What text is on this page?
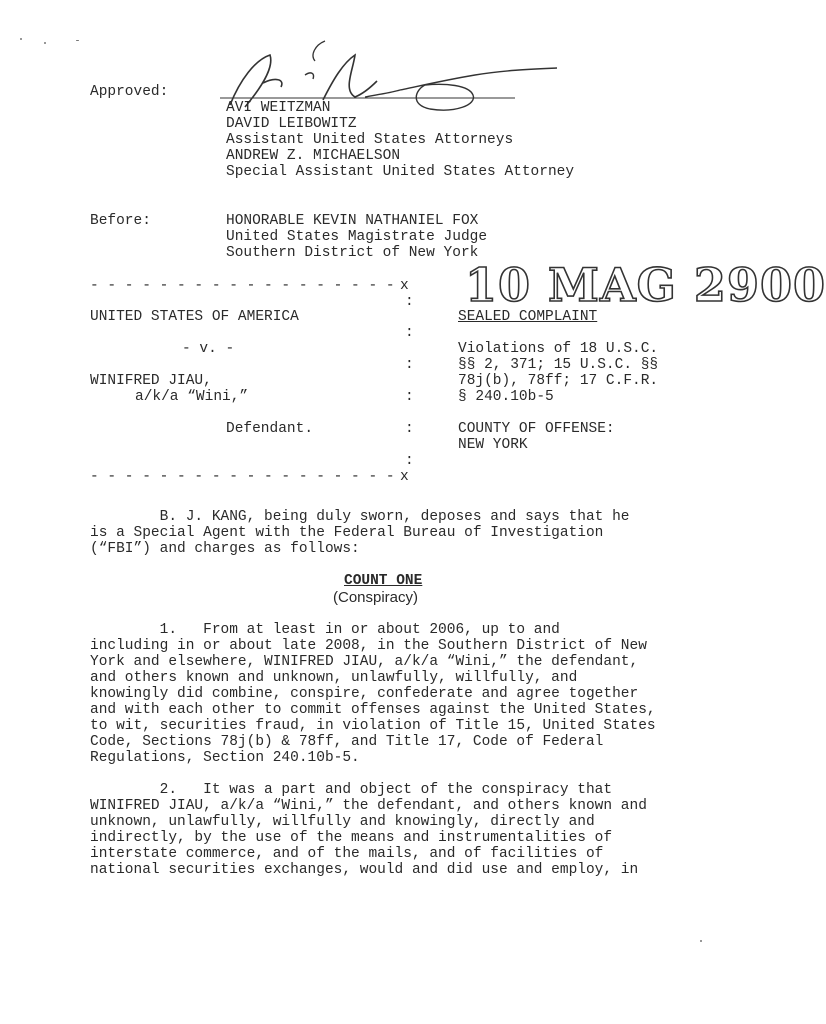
Approved:
AVI WEITZMAN
DAVID LEIBOWITZ
Assistant United States Attorneys
ANDREW Z. MICHAELSON
Special Assistant United States Attorney
Before:	HONORABLE KEVIN NATHANIEL FOX
United States Magistrate Judge
Southern District of New York
10 MAG 2900
- - - - - - - - - - - - - - - - - - x
:
UNITED STATES OF AMERICA	SEALED COMPLAINT
:
- v. -	Violations of 18 U.S.C.
:	§§ 2, 371; 15 U.S.C. §§
WINIFRED JIAU,	78j(b), 78ff; 17 C.F.R.
a/k/a “Wini,”	:	§ 240.10b-5
Defendant.	:	COUNTY OF OFFENSE:
NEW YORK
:
- - - - - - - - - - - - - - - - - - x
B. J. KANG, being duly sworn, deposes and says that he
is a Special Agent with the Federal Bureau of Investigation
(“FBI”) and charges as follows:
COUNT ONE
(Conspiracy)
1.   From at least in or about 2006, up to and
including in or about late 2008, in the Southern District of New
York and elsewhere, WINIFRED JIAU, a/k/a “Wini,” the defendant,
and others known and unknown, unlawfully, willfully, and
knowingly did combine, conspire, confederate and agree together
and with each other to commit offenses against the United States,
to wit, securities fraud, in violation of Title 15, United States
Code, Sections 78j(b) & 78ff, and Title 17, Code of Federal
Regulations, Section 240.10b-5.
2.   It was a part and object of the conspiracy that
WINIFRED JIAU, a/k/a “Wini,” the defendant, and others known and
unknown, unlawfully, willfully and knowingly, directly and
indirectly, by the use of the means and instrumentalities of
interstate commerce, and of the mails, and of facilities of
national securities exchanges, would and did use and employ, in
